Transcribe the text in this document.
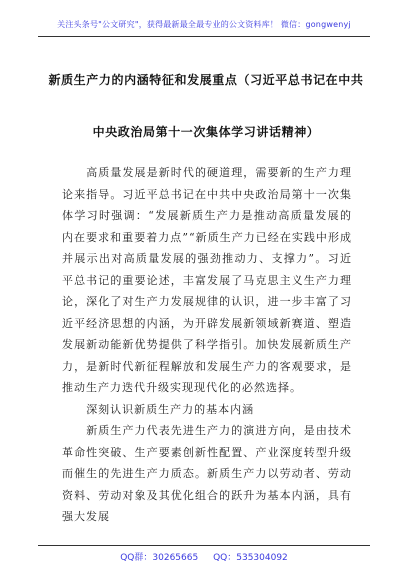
关注头条号"公文研究"，获得最新最全最专业的公文资料库！ 微信：gongwenyj
新质生产力的内涵特征和发展重点（习近平总书记在中共
中央政治局第十一次集体学习讲话精神）

高质量发展是新时代的硬道理，需要新的生产力理论来指导。习近平总书记在中共中央政治局第十一次集体学习时强调：“发展新质生产力是推动高质量发展的内在要求和重要着力点”“新质生产力已经在实践中形成并展示出对高质量发展的强劲推动力、支撑力”。习近平总书记的重要论述，丰富发展了马克思主义生产力理论，深化了对生产力发展规律的认识，进一步丰富了习近平经济思想的内涵，为开辟发展新领域新赛道、塑造发展新动能新优势提供了科学指引。加快发展新质生产力，是新时代新征程解放和发展生产力的客观要求，是推动生产力迭代升级实现现代化的必然选择。

深刻认识新质生产力的基本内涵

新质生产力代表先进生产力的演进方向，是由技术革命性突破、生产要素创新性配置、产业深度转型升级而催生的先进生产力质态。新质生产力以劳动者、劳动资料、劳动对象及其优化组合的跃升为基本内涵，具有强大发展

QQ群：30265665 QQ：535304092
